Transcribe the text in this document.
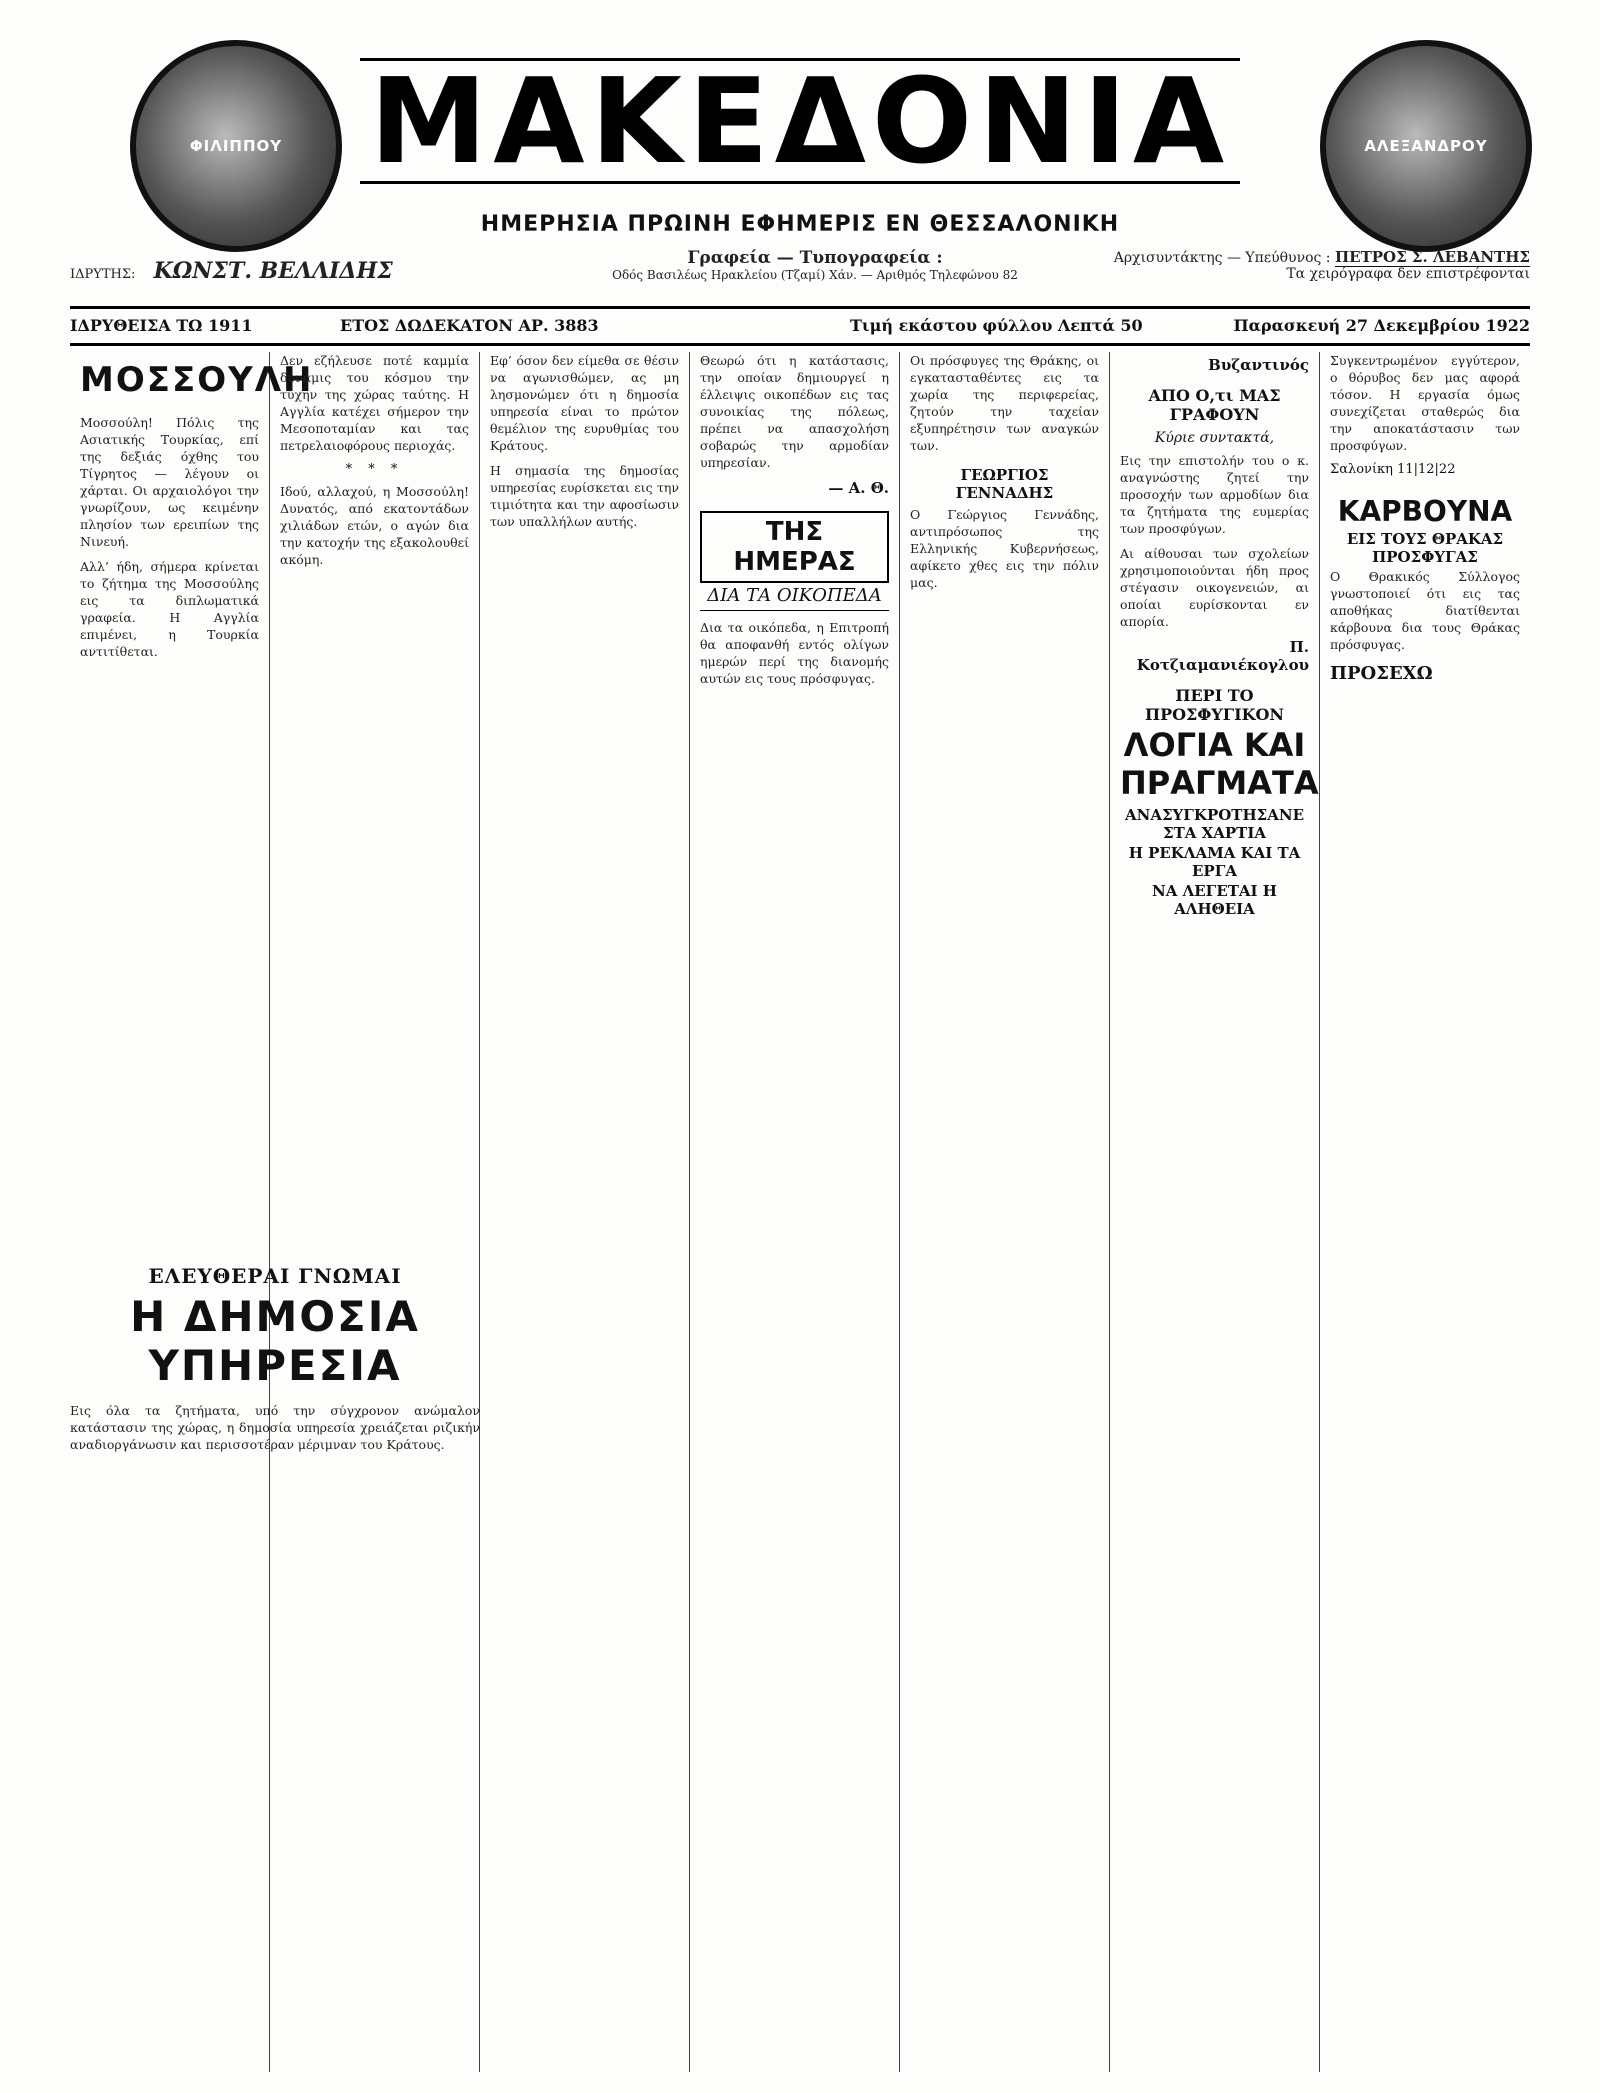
ΦΙΛΙΠΠΟΥ	ΑΛΕΞΑΝΔΡΟΥ
ΜΑΚΕΔΟΝΙΑ
ΗΜΕΡΗΣΙΑ ΠΡΩΙΝΗ ΕΦΗΜΕΡΙΣ ΕΝ ΘΕΣΣΑΛΟΝΙΚΗ
ΙΔΡΥΤΗΣ: ΚΩΝΣΤ. ΒΕΛΛΙΔΗΣ	Γραφεία — Τυπογραφεία :
Οδός Βασιλέως Ηρακλείου (Τζαμί) Χάν. — Αριθμός Τηλεφώνου 82
Αρχισυντάκτης — Υπεύθυνος : ΠΕΤΡΟΣ Σ. ΛΕΒΑΝΤΗΣ
Τα χειρόγραφα δεν επιστρέφονται
ΙΔΡΥΘΕΙΣΑ ΤΩ 1911	ΕΤΟΣ ΔΩΔΕΚΑΤΟΝ ΑΡ. 3883	Τιμή εκάστου φύλλου Λεπτά 50	Παρασκευή 27 Δεκεμβρίου 1922
ΜΟΣΣΟΥΛΗ

Μοσσούλη! Πόλις της Ασιατικής Τουρκίας, επί της δεξιάς όχθης του Τίγρητος — λέγουν οι χάρται. Οι αρχαιολόγοι την γνωρίζουν, ως κειμένην πλησίον των ερειπίων της Νινευή.

Αλλ’ ήδη, σήμερα κρίνεται το ζήτημα της Μοσσούλης εις τα διπλωματικά γραφεία. Η Αγγλία επιμένει, η Τουρκία αντιτίθεται.

Δεν εζήλευσε ποτέ καμμία δύναμις του κόσμου την τύχην της χώρας ταύτης. Η Αγγλία κατέχει σήμερον την Μεσοποταμίαν και τας πετρελαιοφόρους περιοχάς.

* * *

Ιδού, αλλαχού, η Μοσσούλη! Δυνατός, από εκατοντάδων χιλιάδων ετών, ο αγών δια την κατοχήν της εξακολουθεί ακόμη.

Εφ’ όσον δεν είμεθα σε θέσιν να αγωνισθώμεν, ας μη λησμονώμεν ότι η δημοσία υπηρεσία είναι το πρώτον θεμέλιον της ευρυθμίας του Κράτους.

Η σημασία της δημοσίας υπηρεσίας ευρίσκεται εις την τιμιότητα και την αφοσίωσιν των υπαλλήλων αυτής.

Θεωρώ ότι η κατάστασις, την οποίαν δημιουργεί η έλλειψις οικοπέδων εις τας συνοικίας της πόλεως, πρέπει να απασχολήση σοβαρώς την αρμοδίαν υπηρεσίαν.

— Α. Θ.
ΤΗΣ ΗΜΕΡΑΣ
ΔΙΑ ΤΑ ΟΙΚΟΠΕΔΑ

Δια τα οικόπεδα, η Επιτροπή θα αποφανθή εντός ολίγων ημερών περί της διανομής αυτών εις τους πρόσφυγας.

Οι πρόσφυγες της Θράκης, οι εγκατασταθέντες εις τα χωρία της περιφερείας, ζητούν την ταχείαν εξυπηρέτησιν των αναγκών των.

ΓΕΩΡΓΙΟΣ ΓΕΝΝΑΔΗΣ

Ο Γεώργιος Γεννάδης, αντιπρόσωπος της Ελληνικής Κυβερνήσεως, αφίκετο χθες εις την πόλιν μας.

Βυζαντινός
ΑΠΟ Ο,τι ΜΑΣ ΓΡΑΦΟΥΝ
Κύριε συντακτά,

Εις την επιστολήν του ο κ. αναγνώστης ζητεί την προσοχήν των αρμοδίων δια τα ζητήματα της ευμερίας των προσφύγων.

Αι αίθουσαι των σχολείων χρησιμοποιούνται ήδη προς στέγασιν οικογενειών, αι οποίαι ευρίσκονται εν απορία.

Π. Κοτζιαμανιέκογλου
ΠΕΡΙ ΤΟ ΠΡΟΣΦΥΓΙΚΟΝ
ΛΟΓΙΑ ΚΑΙ ΠΡΑΓΜΑΤΑ
ΑΝΑΣΥΓΚΡΟΤΗΣΑΝΕ ΣΤΑ ΧΑΡΤΙΑ
Η ΡΕΚΛΑΜΑ ΚΑΙ ΤΑ ΕΡΓΑ
ΝΑ ΛΕΓΕΤΑΙ Η ΑΛΗΘΕΙΑ

Συγκεντρωμένον εγγύτερον, ο θόρυβος δεν μας αφορά τόσον. Η εργασία όμως συνεχίζεται σταθερώς δια την αποκατάστασιν των προσφύγων.

Σαλονίκη 11|12|22
ΚΑΡΒΟΥΝΑ
ΕΙΣ ΤΟΥΣ ΘΡΑΚΑΣ ΠΡΟΣΦΥΓΑΣ

Ο Θρακικός Σύλλογος γνωστοποιεί ότι εις τας αποθήκας διατίθενται κάρβουνα δια τους Θράκας πρόσφυγας.

ΠΡΟΣΕΧΩ
ΕΛΕΥΘΕΡΑΙ ΓΝΩΜΑΙ
Η ΔΗΜΟΣΙΑ ΥΠΗΡΕΣΙΑ

Εις όλα τα ζητήματα, υπό την σύγχρονον ανώμαλον κατάστασιν της χώρας, η δημοσία υπηρεσία χρειάζεται ριζικήν αναδιοργάνωσιν και περισσοτέραν μέριμναν του Κράτους.
